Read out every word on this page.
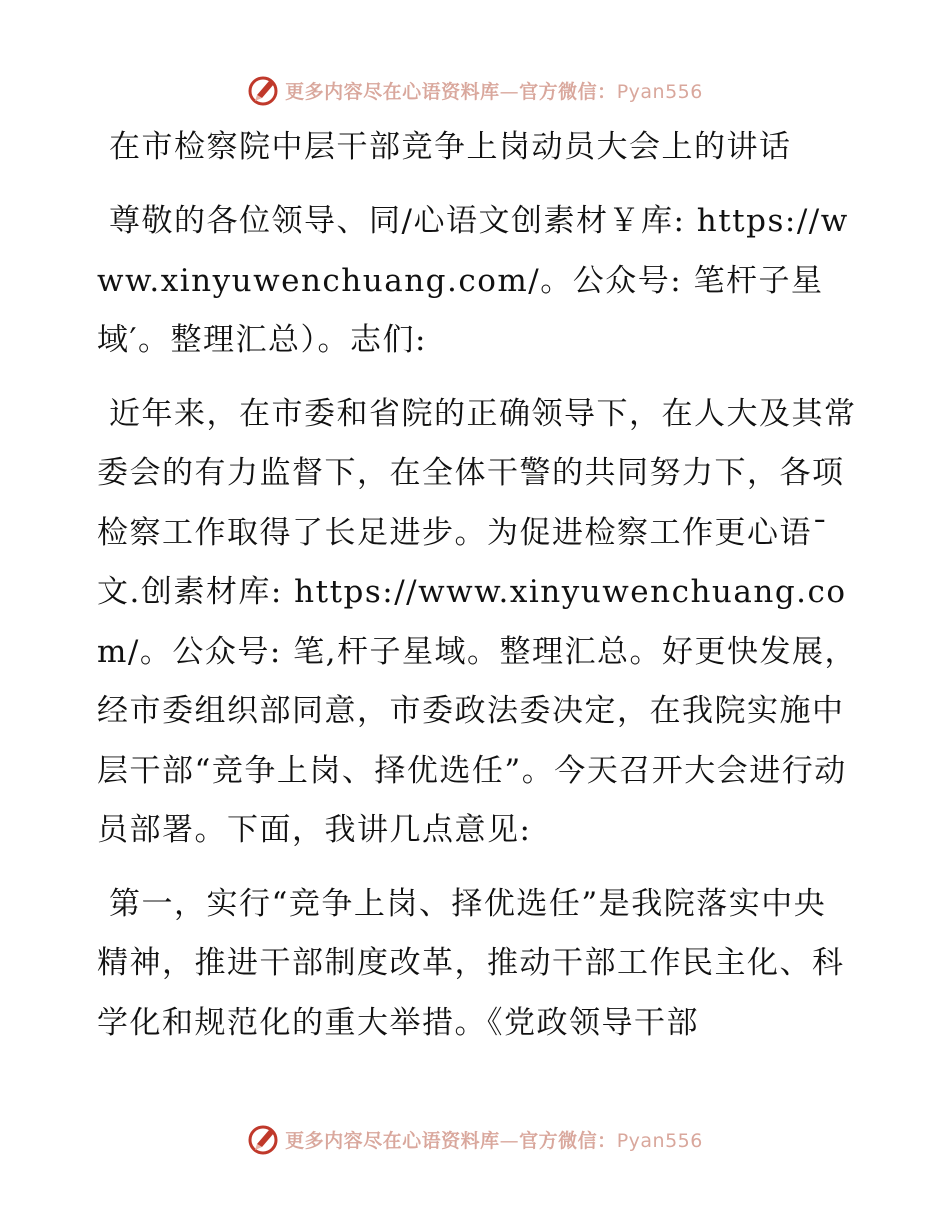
更多内容尽在心语资料库—官方微信：Pyan556
在市检察院中层干部竞争上岗动员大会上的讲话

尊敬的各位领导、同/心语文创素材￥库: https://www.xinyuwenchuang.com/。公众号: 笔杆子星域′。整理汇总）。志们:

近年来，在市委和省院的正确领导下，在人大及其常委会的有力监督下，在全体干警的共同努力下，各项检察工作取得了长足进步。为促进检察工作更心语¯文.创素材库: https://www.xinyuwenchuang.com/。公众号: 笔,杆子星域。整理汇总。好更快发展，经市委组织部同意，市委政法委决定，在我院实施中层干部“竞争上岗、择优选任”。今天召开大会进行动员部署。下面，我讲几点意见:

第一，实行“竞争上岗、择优选任”是我院落实中央精神，推进干部制度改革，推动干部工作民主化、科学化和规范化的重大举措。《党政领导干部

更多内容尽在心语资料库—官方微信：Pyan556
